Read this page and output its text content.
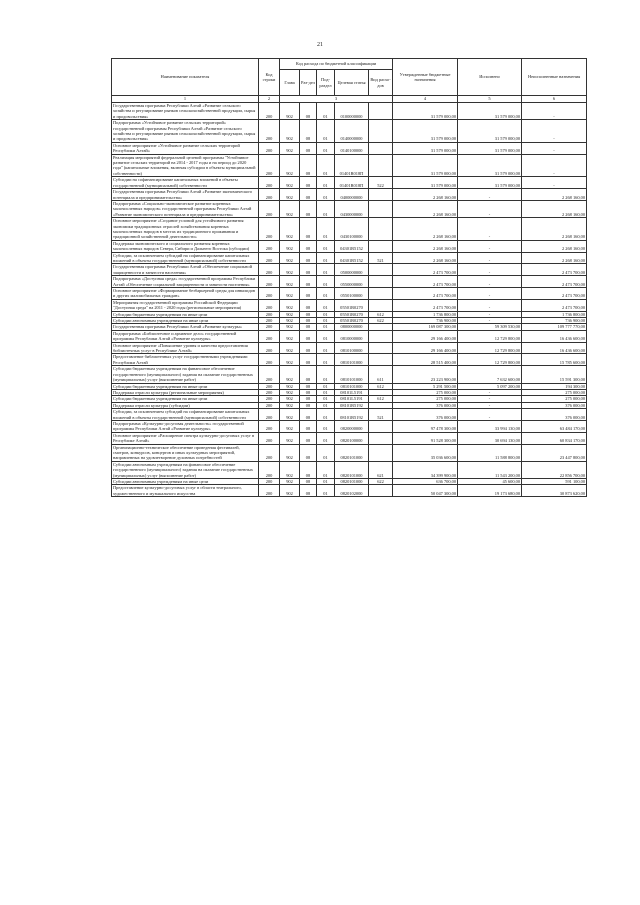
21
Наименование показателя	Код строки	Код расхода по бюджетной классификации					Утвержденные бюджетные назначения	Исполнено	Неисполненные назначения
		Глава	Раз-дел	Под-раздел	Целевая статья	Вид расхо-дов			
1	2	3					4	5	6
Государственная программа Республики Алтай «Развитие сельского хозяйства и регулирование рынков сельскохозяйственной продукции, сырья и продовольствия»	200	902	08	01	0100000000		31 579 000,00	31 579 000,00	-
Подпрограмма «Устойчивое развитие сельских территорий» государственной программы Республики Алтай «Развитие сельского хозяйства и регулирование рынков сельскохозяйственной продукции, сырья и продовольствия»	200	902	08	01	0140000000		31 579 000,00	31 579 000,00	-
Основное мероприятие «Устойчивое развитие сельских территорий Республики Алтай»	200	902	08	01	0140100000		31 579 000,00	31 579 000,00	-
Реализация мероприятий федеральной целевой программы "Устойчивое развитие сельских территорий на 2014 - 2017 годы и на период до 2020 года" (капитальные вложения, включая субсидии в объекты муниципальной собственности)	200	902	08	01	01401R018П		31 579 000,00	31 579 000,00	-
Субсидии на софинансирование капитальных вложений в объекты государственной (муниципальной) собственности	200	902	08	01	01401R018П	522	31 579 000,00	31 579 000,00	-
Государственная программа Республики Алтай «Развитие экономического потенциала и предпринимательства»	200	902	08	01	0400000000		2 268 160,00	-	2 268 160,00
Подпрограмма «Социально-экономическое развитие коренных малочисленных народов» государственной программы Республики Алтай «Развитие экономического потенциала и предпринимательства»	200	902	08	01	0430000000		2 268 160,00	-	2 268 160,00
Основное мероприятие «Создание условий для устойчивого развития экономики традиционных отраслей хозяйствования коренных малочисленных народов в местах их традиционного проживания и традиционной хозяйственной деятельности»	200	902	08	01	0430100000		2 268 160,00	-	2 268 160,00
Поддержка экономического и социального развития коренных малочисленных народов Севера, Сибири и Дальнего Востока (субсидии)	200	902	08	01	04301R5152		2 268 160,00	-	2 268 160,00
Субсидии, за исключением субсидий на софинансирование капитальных вложений в объекты государственной (муниципальной) собственности	200	902	08	01	04301R5152	521	2 268 160,00	-	2 268 160,00
Государственная программа Республики Алтай «Обеспечение социальной защищенности и занятости населения»	200	902	08	01	0500000000		2 473 700,00	-	2 473 700,00
Подпрограмма «Доступная среда» государственной программы Республики Алтай «Обеспечение социальной защищенности и занятости населения»	200	902	08	01	0550000000		2 473 700,00	-	2 473 700,00
Основное мероприятие «Формирование безбарьерной среды для инвалидов и других маломобильных граждан»	200	902	08	01	0550100000		2 473 700,00	-	2 473 700,00
Мероприятия государственной программы Российской Федерации "Доступная среда" на 2011 - 2020 годы (региональные мероприятия)	200	902	08	01	05501R0270		2 473 700,00	-	2 473 700,00
Субсидии бюджетным учреждениям на иные цели	200	902	08	01	05501R0270	612	1 736 800,00	-	1 736 800,00
Субсидии автономным учреждениям на иные цели	200	902	08	01	05501R0270	622	736 900,00	-	736 900,00
Государственная программа Республики Алтай «Развитие культуры»	200	902	08	01	0800000000		169 087 300,00	59 309 530,00	109 777 770,00
Подпрограмма «Библиотечное и архивное дело» государственной программы Республики Алтай «Развитие культуры»	200	902	08	01	0810000000		29 166 400,00	12 729 800,00	16 436 600,00
Основное мероприятие «Повышение уровня и качества предоставления библиотечных услуг в Республике Алтай»	200	902	08	01	0810100000		29 166 400,00	12 729 800,00	16 436 600,00
Предоставление библиотечных услуг государственными учреждениями Республики Алтай	200	902	08	01	0810101000		28 515 400,00	12 729 800,00	15 785 600,00
Субсидии бюджетным учреждениям на финансовое обеспечение государственного (муниципального) задания на оказание государственных (муниципальных) услуг (выполнение работ)	200	902	08	01	0810101000	611	23 223 900,00	7 632 600,00	15 591 300,00
Субсидии бюджетным учреждениям на иные цели	200	902	08	01	0810101000	612	5 291 500,00	5 097 200,00	194 300,00
Поддержка отрасли культуры (региональные мероприятия)	200	902	08	01	08101L5191		275 000,00	-	275 000,00
Субсидии бюджетным учреждениям на иные цели	200	902	08	01	08101L5191	612	275 000,00	-	275 000,00
Поддержка отрасли культуры (субсидии)	200	902	08	01	08101R5192		376 000,00	-	376 000,00
Субсидии, за исключением субсидий на софинансирование капитальных вложений в объекты государственной (муниципальной) собственности	200	902	08	01	08101R5192	521	376 000,00	-	376 000,00
Подпрограмма «Культурно-досуговая деятельность» государственной программы Республики Алтай «Развитие культуры»	200	902	08	01	0820000000		97 478 300,00	33 994 130,00	63 484 170,00
Основное мероприятие «Расширение спектра культурно-досуговых услуг в Республике Алтай»	200	902	08	01	0820100000		91 528 300,00	30 694 130,00	60 834 170,00
Организационно-техническое обеспечение проведения фестивалей, смотров, конкурсов, концертов и иных культурных мероприятий, направленных на удовлетворение духовных потребностей	200	902	08	01	0820101000		35 036 600,00	11 588 800,00	23 447 800,00
Субсидии автономным учреждениям на финансовое обеспечение государственного (муниципального) задания на оказание государственных (муниципальных) услуг (выполнение работ)	200	902	08	01	0820101000	621	34 399 900,00	11 543 200,00	22 856 700,00
Субсидии автономным учреждениям на иные цели	200	902	08	01	0820101000	622	636 700,00	45 600,00	591 100,00
Предоставление культурно-досуговых услуг в области театрального, художественного и музыкального искусства	200	902	08	01	0820102000		50 047 300,00	19 173 680,00	30 873 620,00
